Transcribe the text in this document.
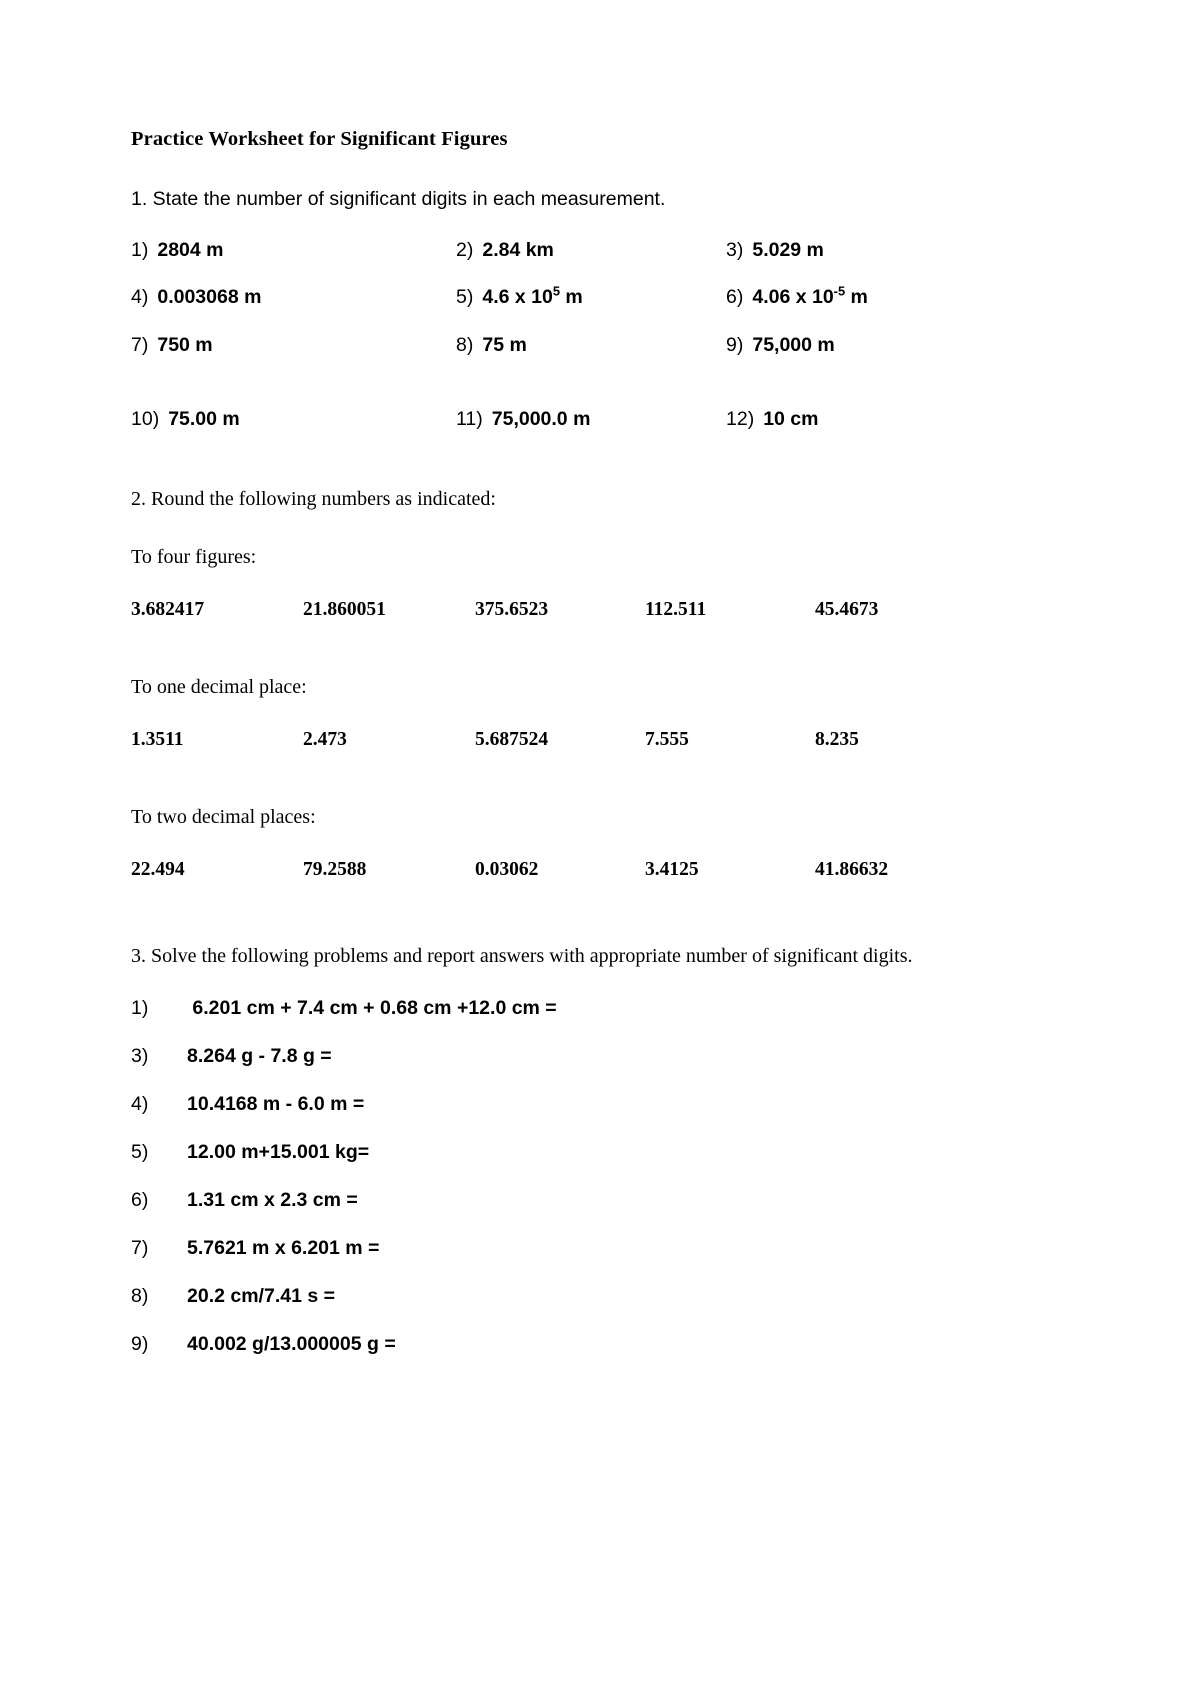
Practice Worksheet for Significant Figures
1. State the number of significant digits in each measurement.
1) 2804 m	2) 2.84 km	3) 5.029 m
4) 0.003068 m	5) 4.6 x $10^5$ m	6) 4.06 x $10^{-5}$ m
7) 750 m	8) 75 m	9) 75,000 m
10) 75.00 m	11) 75,000.0 m	12) 10 cm
2. Round the following numbers as indicated:
To four figures:
3.682417	21.860051	375.6523	112.511	45.4673
To one decimal place:
1.3511	2.473	5.687524	7.555	8.235
To two decimal places:
22.494	79.2588	0.03062	3.4125	41.86632
3. Solve the following problems and report answers with appropriate number of significant digits.
1)	6.201 cm + 7.4 cm + 0.68 cm +12.0 cm =
3)	8.264 g - 7.8 g =
4)	10.4168 m - 6.0 m =
5)	12.00 m+15.001 kg=
6)	1.31 cm x 2.3 cm =
7)	5.7621 m x 6.201 m =
8)	20.2 cm/7.41 s =
9)	40.002 g/13.000005 g =
